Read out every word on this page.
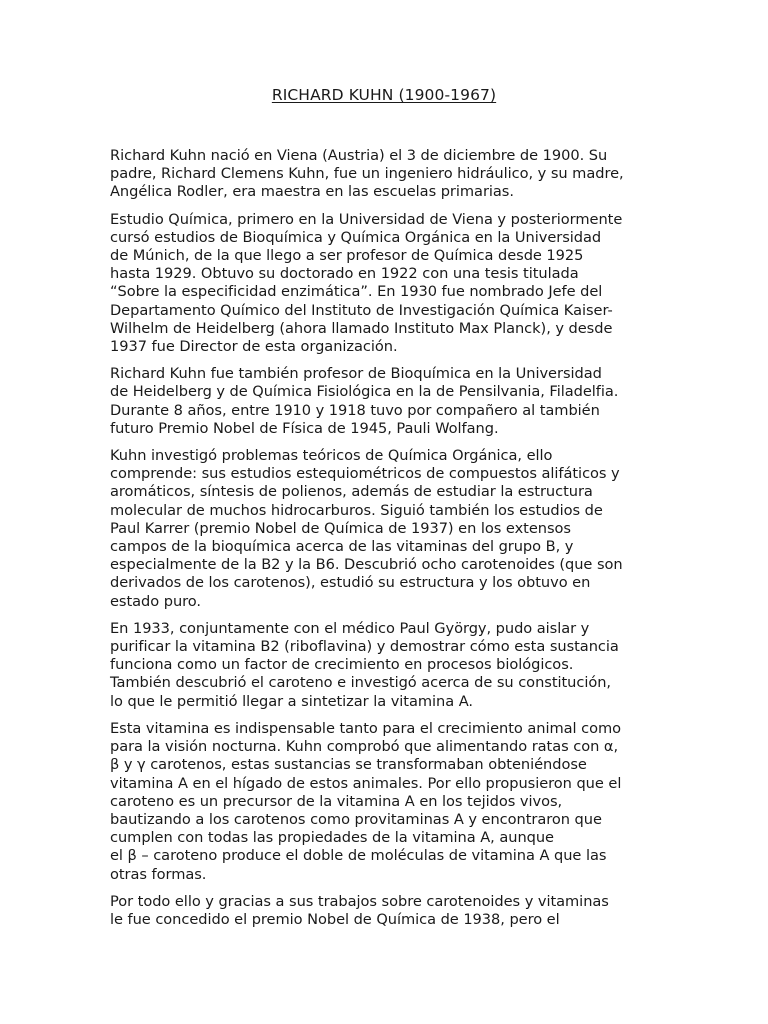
RICHARD KUHN (1900-1967)

Richard Kuhn nació en Viena (Austria) el 3 de diciembre de 1900. Su
padre, Richard Clemens Kuhn, fue un ingeniero hidráulico, y su madre,
Angélica Rodler, era maestra en las escuelas primarias.

Estudio Química, primero en la Universidad de Viena y posteriormente
cursó estudios de Bioquímica y Química Orgánica en la Universidad
de Múnich, de la que llego a ser profesor de Química desde 1925
hasta 1929. Obtuvo su doctorado en 1922 con una tesis titulada
“Sobre la especificidad enzimática”. En 1930 fue nombrado Jefe del
Departamento Químico del Instituto de Investigación Química Kaiser-
Wilhelm de Heidelberg (ahora llamado Instituto Max Planck), y desde
1937 fue Director de esta organización.

Richard Kuhn fue también profesor de Bioquímica en la Universidad
de Heidelberg y de Química Fisiológica en la de Pensilvania, Filadelfia.
Durante 8 años, entre 1910 y 1918 tuvo por compañero al también
futuro Premio Nobel de Física de 1945, Pauli Wolfang.

Kuhn investigó problemas teóricos de Química Orgánica, ello
comprende: sus estudios estequiométricos de compuestos alifáticos y
aromáticos, síntesis de polienos, además de estudiar la estructura
molecular de muchos hidrocarburos. Siguió también los estudios de
Paul Karrer (premio Nobel de Química de 1937) en los extensos
campos de la bioquímica acerca de las vitaminas del grupo B, y
especialmente de la B2 y la B6. Descubrió ocho carotenoides (que son
derivados de los carotenos), estudió su estructura y los obtuvo en
estado puro.

En 1933, conjuntamente con el médico Paul György, pudo aislar y
purificar la vitamina B2 (riboflavina) y demostrar cómo esta sustancia
funciona como un factor de crecimiento en procesos biológicos.
También descubrió el caroteno e investigó acerca de su constitución,
lo que le permitió llegar a sintetizar la vitamina A.

Esta vitamina es indispensable tanto para el crecimiento animal como
para la visión nocturna. Kuhn comprobó que alimentando ratas con α,
β y γ carotenos, estas sustancias se transformaban obteniéndose
vitamina A en el hígado de estos animales. Por ello propusieron que el
caroteno es un precursor de la vitamina A en los tejidos vivos,
bautizando a los carotenos como provitaminas A y encontraron que
cumplen con todas las propiedades de la vitamina A, aunque
el β – caroteno produce el doble de moléculas de vitamina A que las
otras formas.

Por todo ello y gracias a sus trabajos sobre carotenoides y vitaminas
le fue concedido el premio Nobel de Química de 1938, pero el
